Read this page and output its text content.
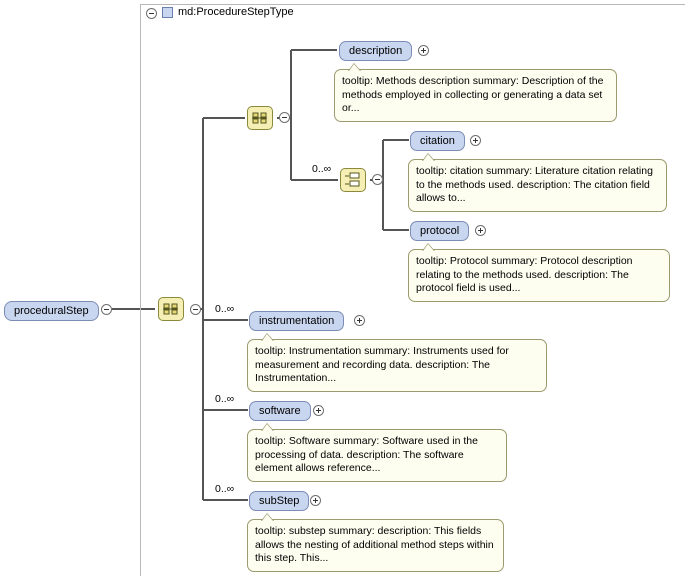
md:ProcedureStepType
proceduralStep
0..∞
description
tooltip: Methods description summary: Description of the methods employed in collecting or generating a data set or...
citation
tooltip: citation summary: Literature citation relating to the methods used. description: The citation field allows to...
protocol
tooltip: Protocol summary: Protocol description relating to the methods used. description: The protocol field is used...
0..∞
instrumentation
tooltip: Instrumentation summary: Instruments used for measurement and recording data. description: The Instrumentation...
0..∞
software
tooltip: Software summary: Software used in the processing of data. description: The software element allows reference...
0..∞
subStep
tooltip: substep summary: description: This fields allows the nesting of additional method steps within this step. This...
